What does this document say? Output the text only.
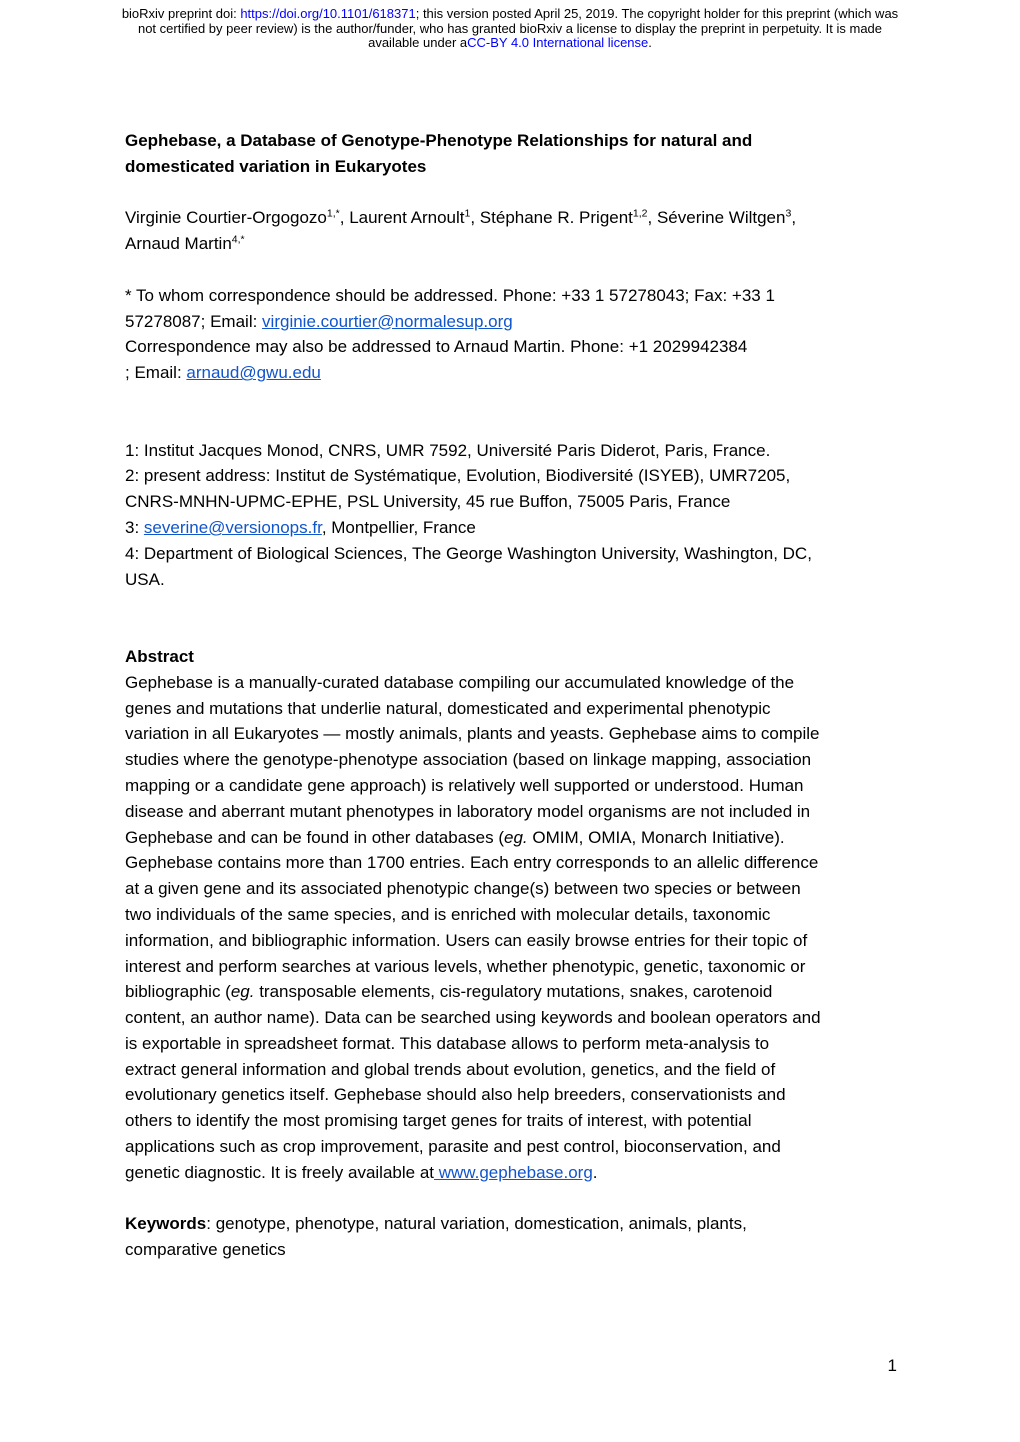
bioRxiv preprint doi: https://doi.org/10.1101/618371; this version posted April 25, 2019. The copyright holder for this preprint (which was
not certified by peer review) is the author/funder, who has granted bioRxiv a license to display the preprint in perpetuity. It is made
available under aCC-BY 4.0 International license.
Gephebase, a Database of Genotype-Phenotype Relationships for natural and
domesticated variation in Eukaryotes

Virginie Courtier-Orgogozo$^{1,*}$, Laurent Arnoult$^1$, Stéphane R. Prigent$^{1,2}$, Séverine Wiltgen$^3$,
Arnaud Martin$^{4,*}$

* To whom correspondence should be addressed. Phone: +33 1 57278043; Fax: +33 1
57278087; Email: virginie.courtier@normalesup.org
Correspondence may also be addressed to Arnaud Martin. Phone: +1 2029942384
; Email: arnaud@gwu.edu

1: Institut Jacques Monod, CNRS, UMR 7592, Université Paris Diderot, Paris, France.
2: present address: Institut de Systématique, Evolution, Biodiversité (ISYEB), UMR7205,
CNRS-MNHN-UPMC-EPHE, PSL University, 45 rue Buffon, 75005 Paris, France
3: severine@versionops.fr, Montpellier, France
4: Department of Biological Sciences, The George Washington University, Washington, DC,
USA.

Abstract
Gephebase is a manually-curated database compiling our accumulated knowledge of the
genes and mutations that underlie natural, domesticated and experimental phenotypic
variation in all Eukaryotes — mostly animals, plants and yeasts. Gephebase aims to compile
studies where the genotype-phenotype association (based on linkage mapping, association
mapping or a candidate gene approach) is relatively well supported or understood. Human
disease and aberrant mutant phenotypes in laboratory model organisms are not included in
Gephebase and can be found in other databases (eg. OMIM, OMIA, Monarch Initiative).
Gephebase contains more than 1700 entries. Each entry corresponds to an allelic difference
at a given gene and its associated phenotypic change(s) between two species or between
two individuals of the same species, and is enriched with molecular details, taxonomic
information, and bibliographic information. Users can easily browse entries for their topic of
interest and perform searches at various levels, whether phenotypic, genetic, taxonomic or
bibliographic (eg. transposable elements, cis-regulatory mutations, snakes, carotenoid
content, an author name). Data can be searched using keywords and boolean operators and
is exportable in spreadsheet format. This database allows to perform meta-analysis to
extract general information and global trends about evolution, genetics, and the field of
evolutionary genetics itself. Gephebase should also help breeders, conservationists and
others to identify the most promising target genes for traits of interest, with potential
applications such as crop improvement, parasite and pest control, bioconservation, and
genetic diagnostic. It is freely available at www.gephebase.org.

Keywords: genotype, phenotype, natural variation, domestication, animals, plants,
comparative genetics
1
